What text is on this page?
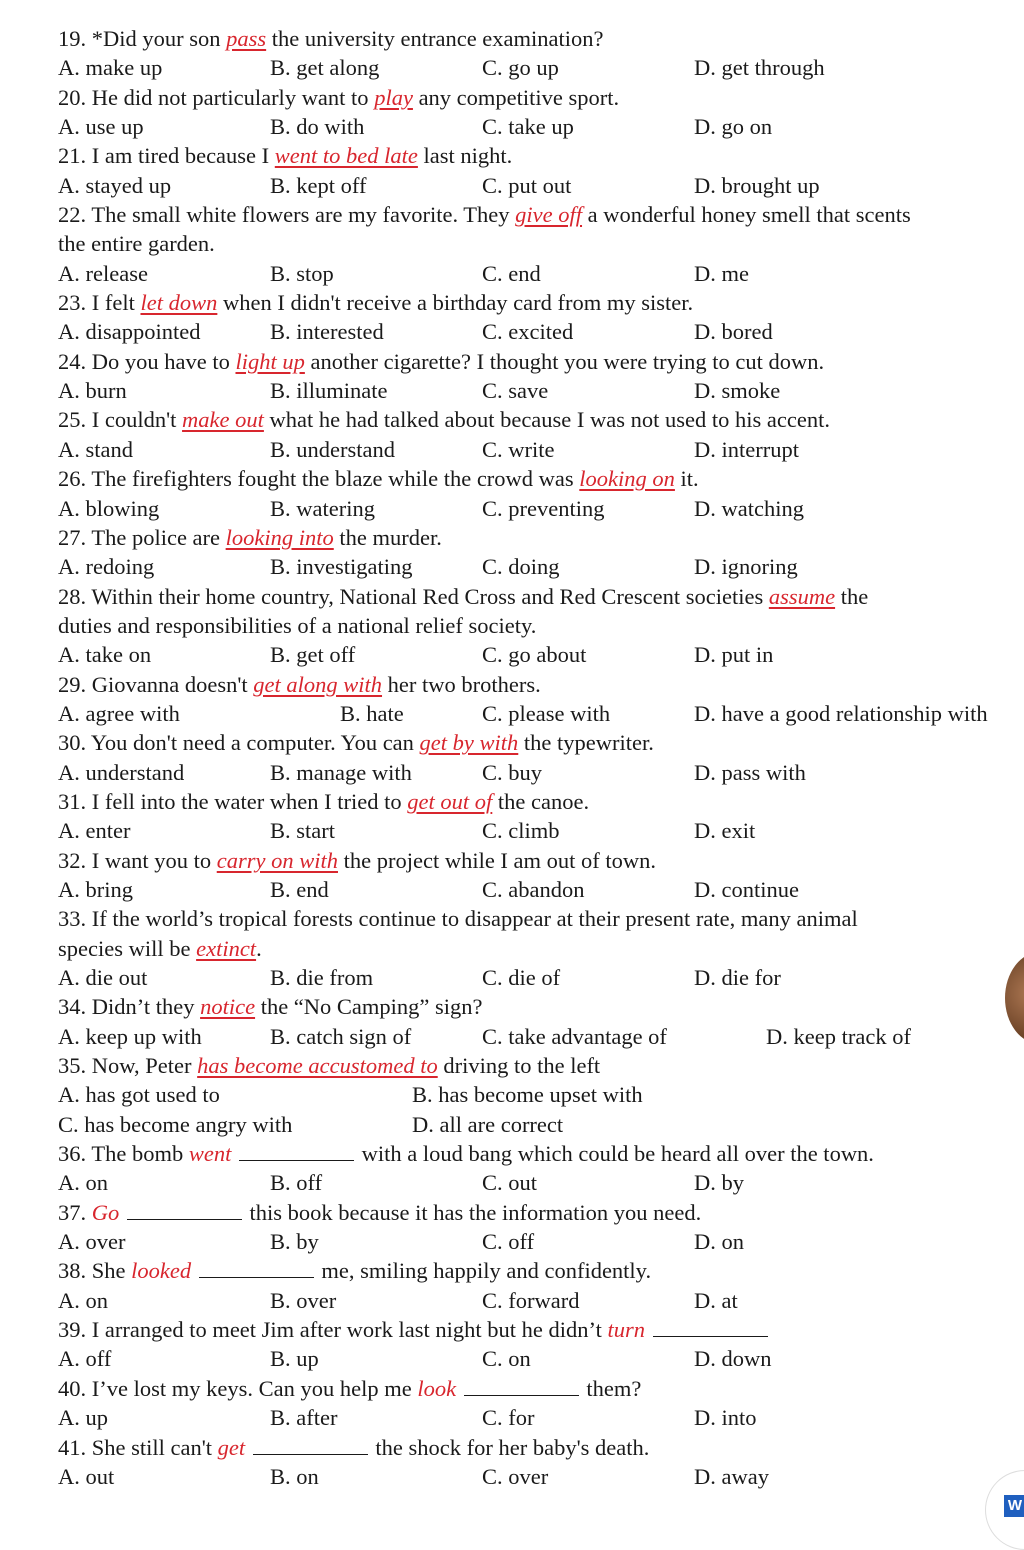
19. *Did your son pass the university entrance examination?
A. make up	B. get along	C. go up	D. get through
20. He did not particularly want to play any competitive sport.
A. use up	B. do with	C. take up	D. go on
21. I am tired because I went to bed late last night.
A. stayed up	B. kept off	C. put out	D. brought up
22. The small white flowers are my favorite. They give off a wonderful honey smell that scents
the entire garden.
A. release	B. stop	C. end	D. me
23. I felt let down when I didn't receive a birthday card from my sister.
A. disappointed	B. interested	C. excited	D. bored
24. Do you have to light up another cigarette? I thought you were trying to cut down.
A. burn	B. illuminate	C. save	D. smoke
25. I couldn't make out what he had talked about because I was not used to his accent.
A. stand	B. understand	C. write	D. interrupt
26. The firefighters fought the blaze while the crowd was looking on it.
A. blowing	B. watering	C. preventing	D. watching
27. The police are looking into the murder.
A. redoing	B. investigating	C. doing	D. ignoring
28. Within their home country, National Red Cross and Red Crescent societies assume the
duties and responsibilities of a national relief society.
A. take on	B. get off	C. go about	D. put in
29. Giovanna doesn't get along with her two brothers.
A. agree with	B. hate	C. please with	D. have a good relationship with
30. You don't need a computer. You can get by with the typewriter.
A. understand	B. manage with	C. buy	D. pass with
31. I fell into the water when I tried to get out of the canoe.
A. enter	B. start	C. climb	D. exit
32. I want you to carry on with the project while I am out of town.
A. bring	B. end	C. abandon	D. continue
33. If the world’s tropical forests continue to disappear at their present rate, many animal
species will be extinct.
A. die out	B. die from	C. die of	D. die for
34. Didn’t they notice the “No Camping” sign?
A. keep up with	B. catch sign of	C. take advantage of	D. keep track of
35. Now, Peter has become accustomed to driving to the left
A. has got used to	B. has become upset with
C. has become angry with	D. all are correct
36. The bomb went	with a loud bang which could be heard all over the town.
A. on	B. off	C. out	D. by
37. Go	this book because it has the information you need.
A. over	B. by	C. off	D. on
38. She looked	me, smiling happily and confidently.
A. on	B. over	C. forward	D. at
39. I arranged to meet Jim after work last night but he didn’t turn
A. off	B. up	C. on	D. down
40. I’ve lost my keys. Can you help me look	them?
A. up	B. after	C. for	D. into
41. She still can't get	the shock for her baby's death.
A. out	B. on	C. over	D. away
W
